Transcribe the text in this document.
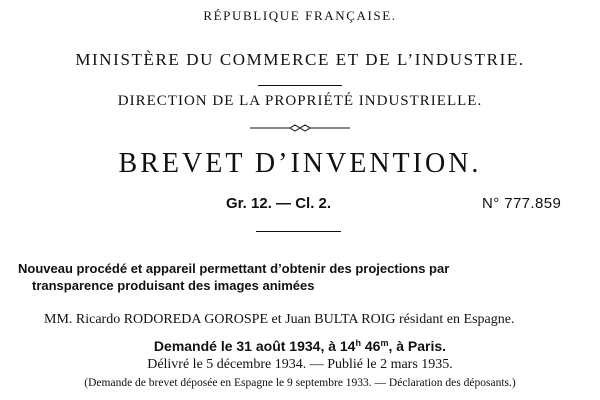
RÉPUBLIQUE FRANÇAISE.
MINISTÈRE DU COMMERCE ET DE L’INDUSTRIE.
DIRECTION DE LA PROPRIÉTÉ INDUSTRIELLE.
BREVET D’INVENTION.
Gr. 12. — Cl. 2.	N° 777.859
Nouveau procédé et appareil permettant d’obtenir des projections par
transparence produisant des images animées
MM. Ricardo RODOREDA GOROSPE et Juan BULTA ROIG résidant en Espagne.
Demandé le 31 août 1934, à 14$^h$ 46$^m$, à Paris.
Délivré le 5 décembre 1934. — Publié le 2 mars 1935.
(Demande de brevet déposée en Espagne le 9 septembre 1933. — Déclaration des déposants.)
